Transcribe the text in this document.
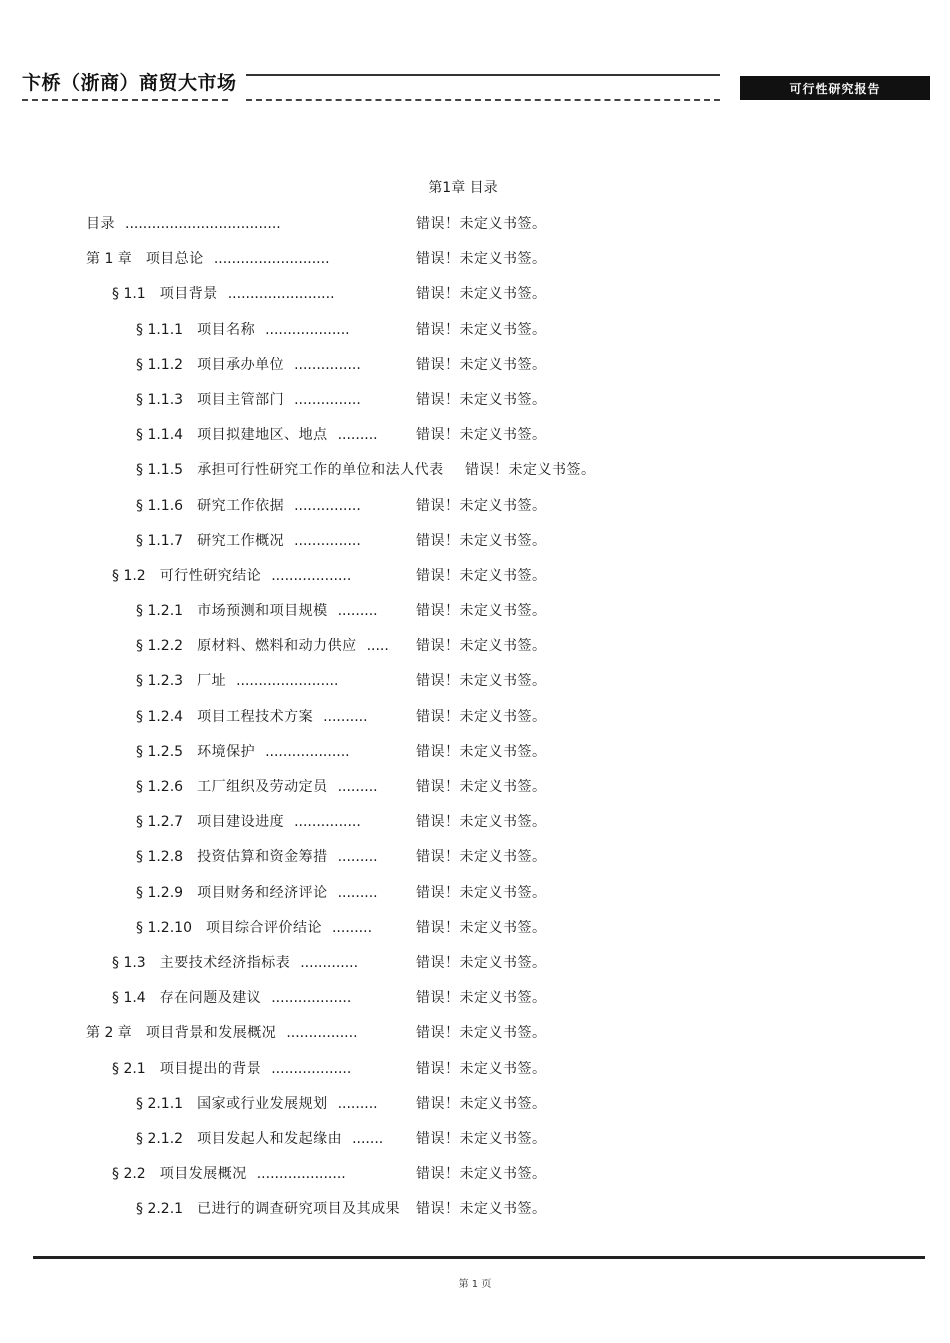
卞桥（浙商）商贸大市场	可行性研究报告
第1章 目录
目录 ...................................	错误！未定义书签。
第 1 章 项目总论 ..........................	错误！未定义书签。
§ 1.1 项目背景 ........................	错误！未定义书签。
§ 1.1.1 项目名称 ...................	错误！未定义书签。
§ 1.1.2 项目承办单位 ...............	错误！未定义书签。
§ 1.1.3 项目主管部门 ...............	错误！未定义书签。
§ 1.1.4 项目拟建地区、地点 .........	错误！未定义书签。
§ 1.1.5 承担可行性研究工作的单位和法人代表 错误！未定义书签。
§ 1.1.6 研究工作依据 ...............	错误！未定义书签。
§ 1.1.7 研究工作概况 ...............	错误！未定义书签。
§ 1.2 可行性研究结论 ..................	错误！未定义书签。
§ 1.2.1 市场预测和项目规模 .........	错误！未定义书签。
§ 1.2.2 原材料、燃料和动力供应 ..... 错误！未定义书签。
§ 1.2.3 厂址 .......................	错误！未定义书签。
§ 1.2.4 项目工程技术方案 ..........	错误！未定义书签。
§ 1.2.5 环境保护 ...................	错误！未定义书签。
§ 1.2.6 工厂组织及劳动定员 .........	错误！未定义书签。
§ 1.2.7 项目建设进度 ...............	错误！未定义书签。
§ 1.2.8 投资估算和资金筹措 .........	错误！未定义书签。
§ 1.2.9 项目财务和经济评论 .........	错误！未定义书签。
§ 1.2.10 项目综合评价结论 .........	错误！未定义书签。
§ 1.3 主要技术经济指标表 .............	错误！未定义书签。
§ 1.4 存在问题及建议 ..................	错误！未定义书签。
第 2 章 项目背景和发展概况 ................	错误！未定义书签。
§ 2.1 项目提出的背景 ..................	错误！未定义书签。
§ 2.1.1 国家或行业发展规划 .........	错误！未定义书签。
§ 2.1.2 项目发起人和发起缘由 ....... 错误！未定义书签。
§ 2.2 项目发展概况 ....................	错误！未定义书签。
§ 2.2.1 已进行的调查研究项目及其成果 错误！未定义书签。
第 1 页
